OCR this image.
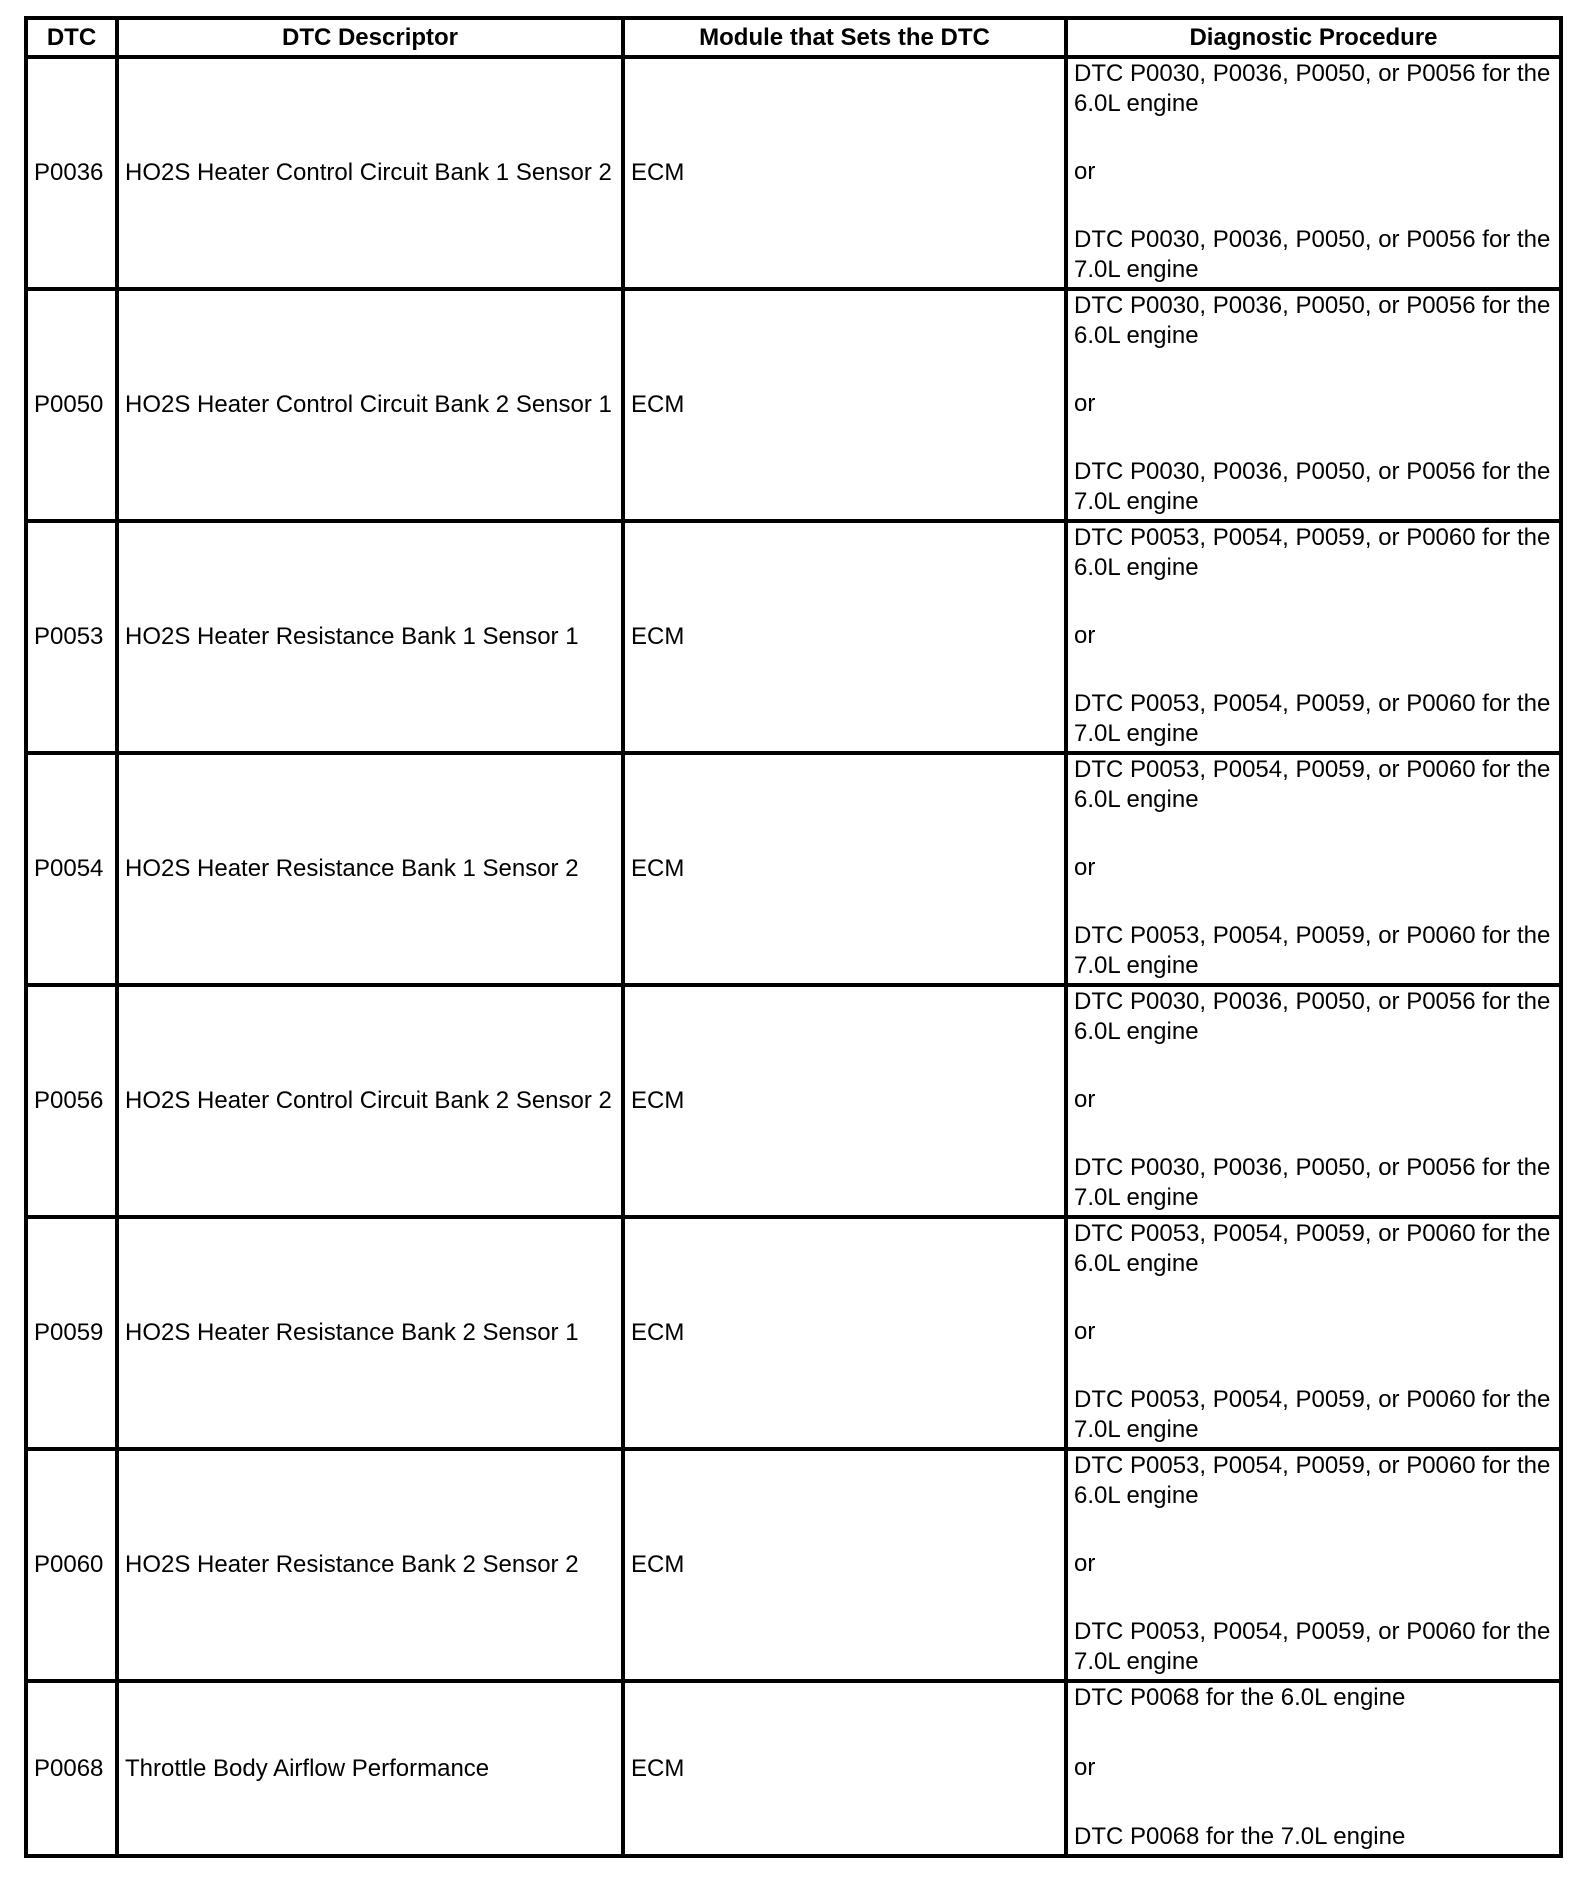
DTC	DTC Descriptor	Module that Sets the DTC	Diagnostic Procedure
P0036	HO2S Heater Control Circuit Bank 1 Sensor 2	ECM	DTC P0030, P0036, P0050, or P0056 for the 6.0L engine
or
DTC P0030, P0036, P0050, or P0056 for the 7.0L engine

P0050	HO2S Heater Control Circuit Bank 2 Sensor 1	ECM	DTC P0030, P0036, P0050, or P0056 for the 6.0L engine
or
DTC P0030, P0036, P0050, or P0056 for the 7.0L engine

P0053	HO2S Heater Resistance Bank 1 Sensor 1	ECM	DTC P0053, P0054, P0059, or P0060 for the 6.0L engine
or
DTC P0053, P0054, P0059, or P0060 for the 7.0L engine

P0054	HO2S Heater Resistance Bank 1 Sensor 2	ECM	DTC P0053, P0054, P0059, or P0060 for the 6.0L engine
or
DTC P0053, P0054, P0059, or P0060 for the 7.0L engine

P0056	HO2S Heater Control Circuit Bank 2 Sensor 2	ECM	DTC P0030, P0036, P0050, or P0056 for the 6.0L engine
or
DTC P0030, P0036, P0050, or P0056 for the 7.0L engine

P0059	HO2S Heater Resistance Bank 2 Sensor 1	ECM	DTC P0053, P0054, P0059, or P0060 for the 6.0L engine
or
DTC P0053, P0054, P0059, or P0060 for the 7.0L engine

P0060	HO2S Heater Resistance Bank 2 Sensor 2	ECM	DTC P0053, P0054, P0059, or P0060 for the 6.0L engine
or
DTC P0053, P0054, P0059, or P0060 for the 7.0L engine

P0068	Throttle Body Airflow Performance	ECM	DTC P0068 for the 6.0L engine
or
DTC P0068 for the 7.0L engine
